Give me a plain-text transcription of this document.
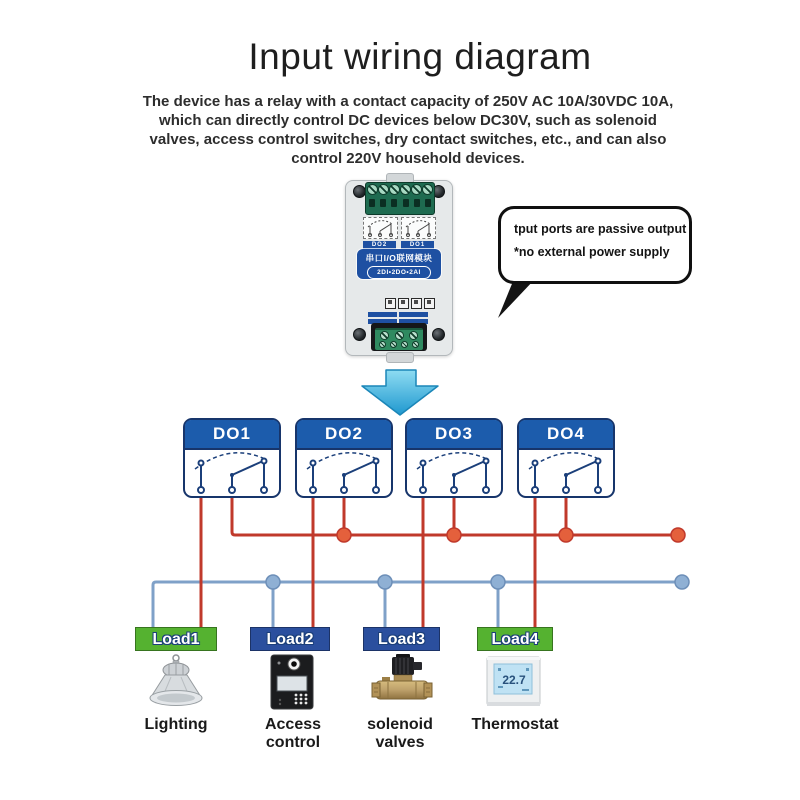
Input wiring diagram
The device has a relay with a contact capacity of 250V AC 10A/30VDC 10A, which can directly control DC devices below DC30V, such as solenoid valves, access control switches, dry contact switches, etc., and can also control 220V household devices.
DO2	DO1
串口I/O联网模块
2DI•2DO•2AI
tput ports are passive output
*no external power supply
DO1	DO2	DO3	DO4
Load1	Load2	Load3	Load4
22.7
Lighting	Access control
solenoid valves
Thermostat
